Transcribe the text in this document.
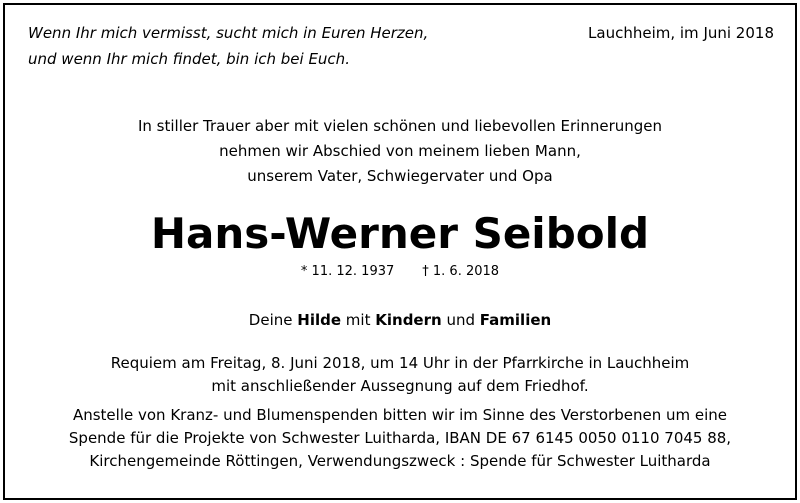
Wenn Ihr mich vermisst, sucht mich in Euren Herzen,
und wenn Ihr mich findet, bin ich bei Euch.
Lauchheim, im Juni 2018
In stiller Trauer aber mit vielen schönen und liebevollen Erinnerungen
nehmen wir Abschied von meinem lieben Mann,
unserem Vater, Schwiegervater und Opa
Hans-Werner Seibold
* 11. 12. 1937 † 1. 6. 2018
Deine Hilde mit Kindern und Familien
Requiem am Freitag, 8. Juni 2018, um 14 Uhr in der Pfarrkirche in Lauchheim
mit anschließender Aussegnung auf dem Friedhof.
Anstelle von Kranz- und Blumenspenden bitten wir im Sinne des Verstorbenen um eine
Spende für die Projekte von Schwester Luitharda, IBAN DE 67 6145 0050 0110 7045 88,
Kirchengemeinde Röttingen, Verwendungszweck : Spende für Schwester Luitharda
